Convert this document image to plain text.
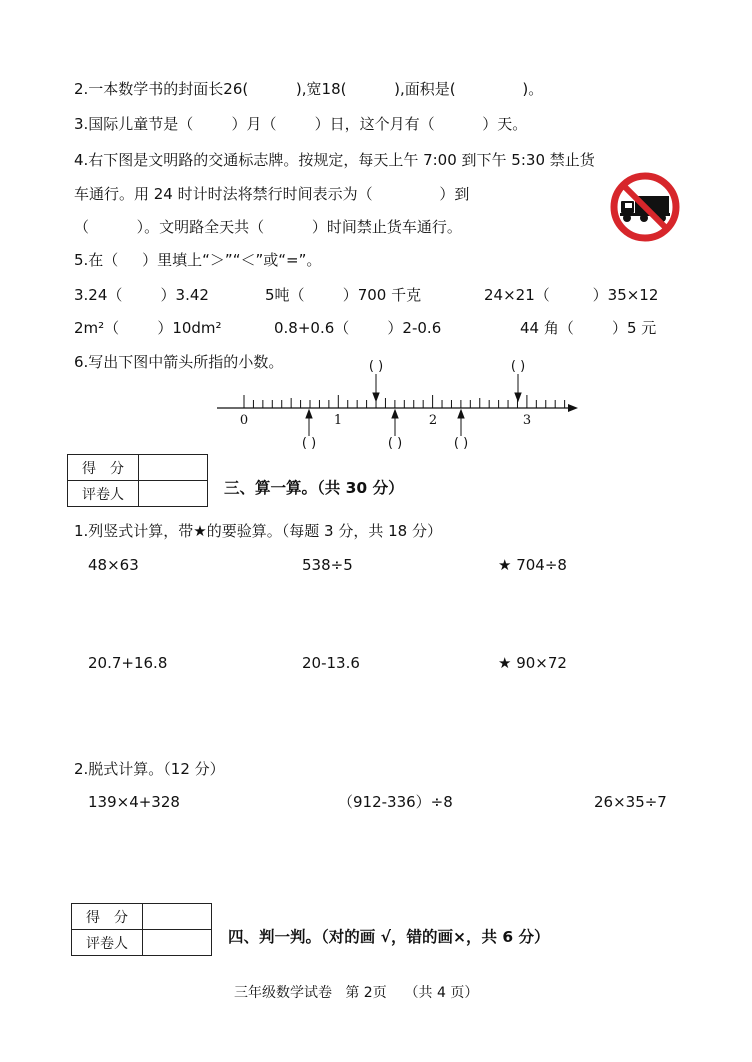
2.一本数学书的封面长26(          ),宽18(          ),面积是(              )。
3.国际儿童节是（        ）月（        ）日，这个月有（          ）天。
4.右下图是文明路的交通标志牌。按规定，每天上午 7:00 到下午 5:30 禁止货
车通行。用 24 时计时法将禁行时间表示为（              ）到
（          ）。文明路全天共（          ）时间禁止货车通行。
5.在（     ）里填上“＞”“＜”或“=”。
3.24（        ）3.42	5吨（        ）700 千克	24×21（         ）35×12
2m²（        ）10dm²	0.8+0.6（        ）2-0.6	44 角（        ）5 元
6.写出下图中箭头所指的小数。
0	1	2	3
( )	( )
( )	( )	( )
得　分	
评卷人		三、算一算。（共 30 分）
1.列竖式计算，带★的要验算。（每题 3 分，共 18 分）
48×63	538÷5	★ 704÷8
20.7+16.8	20-13.6	★ 90×72
2.脱式计算。（12 分）
139×4+328	（912-336）÷8	26×35÷7
得　分	
评卷人		四、判一判。（对的画 √，错的画×，共 6 分）
三年级数学试卷   第 2页    （共 4 页）
